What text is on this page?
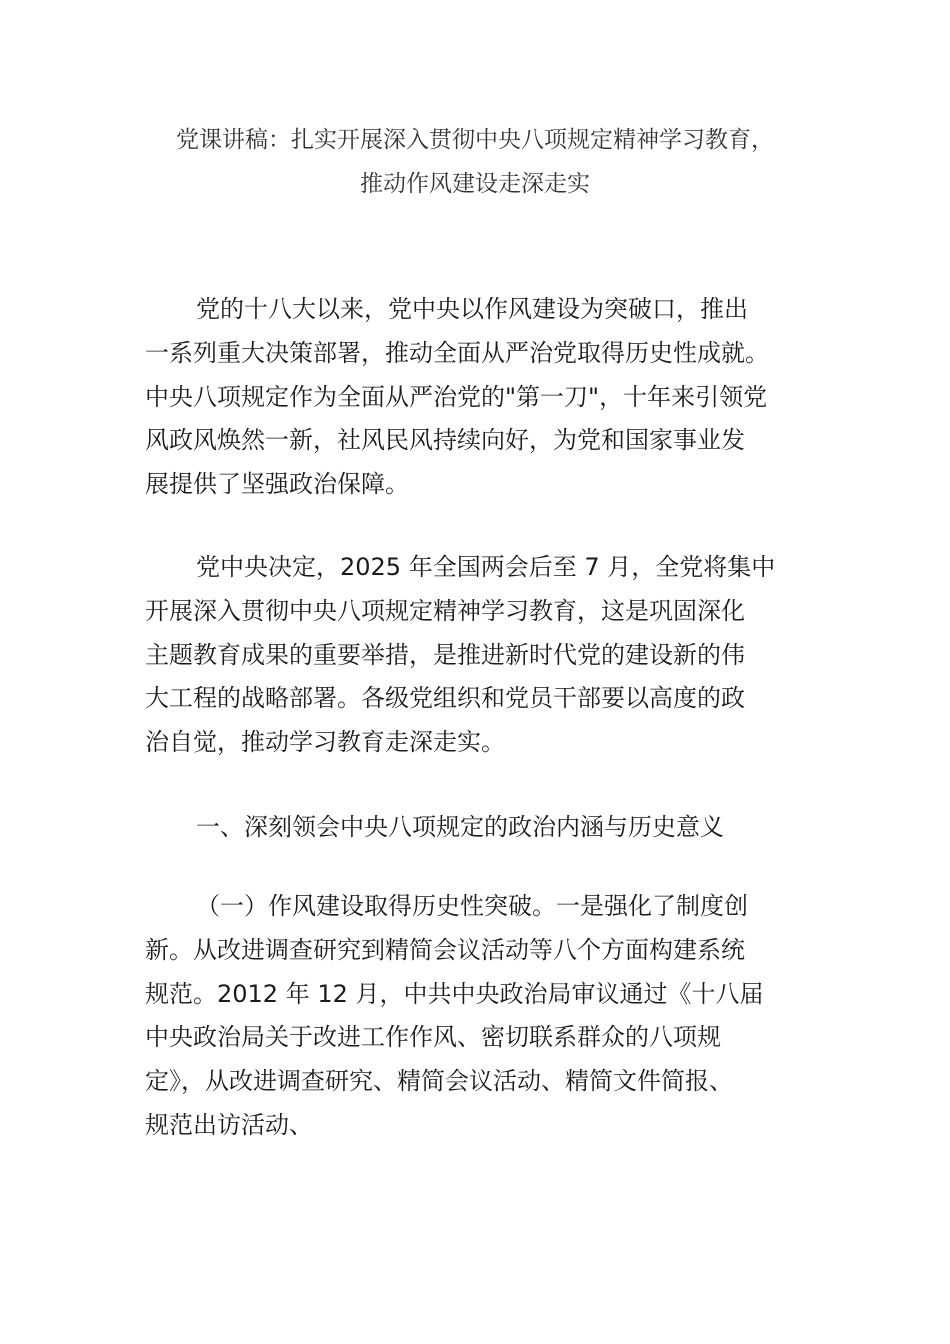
党课讲稿：扎实开展深入贯彻中央八项规定精神学习教育，
推动作风建设走深走实
党的十八大以来，党中央以作风建设为突破口，推出
一系列重大决策部署，推动全面从严治党取得历史性成就。
中央八项规定作为全面从严治党的"第一刀"，十年来引领党
风政风焕然一新，社风民风持续向好，为党和国家事业发
展提供了坚强政治保障。
党中央决定，2025 年全国两会后至 7 月，全党将集中
开展深入贯彻中央八项规定精神学习教育，这是巩固深化
主题教育成果的重要举措，是推进新时代党的建设新的伟
大工程的战略部署。各级党组织和党员干部要以高度的政
治自觉，推动学习教育走深走实。
一、深刻领会中央八项规定的政治内涵与历史意义
（一）作风建设取得历史性突破。一是强化了制度创
新。从改进调查研究到精简会议活动等八个方面构建系统
规范。2012 年 12 月，中共中央政治局审议通过《十八届
中央政治局关于改进工作作风、密切联系群众的八项规
定》，从改进调查研究、精简会议活动、精简文件简报、
规范出访活动、
